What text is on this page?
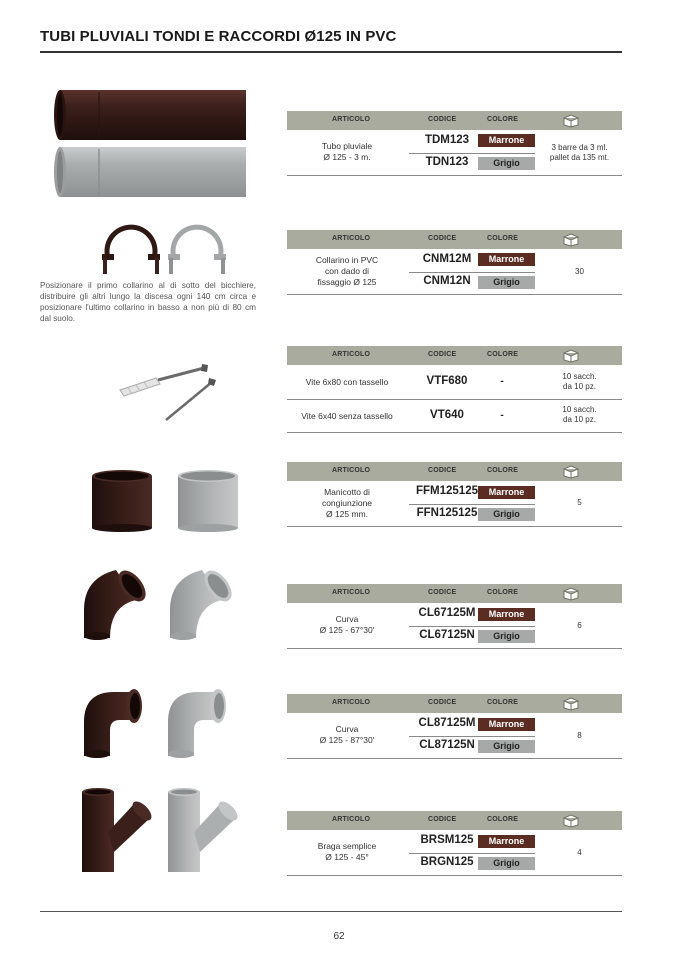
TUBI PLUVIALI TONDI E RACCORDI Ø125 IN PVC
Posizionare il primo collarino al di sotto del bicchiere, distribuire gli altri lungo la discesa ogni 140 cm circa e posizionare l'ultimo collarino in basso a non più di 80 cm dal suolo.
ARTICOLO	CODICE	COLORE
Tubo pluviale
Ø 125 - 3 m.
TDM123	Marrone
TDN123	Grigio
3 barre da 3 ml.
pallet da 135 mt.
ARTICOLO	CODICE	COLORE
Collarino in PVC
con dado di
fissaggio Ø 125
CNM12M	Marrone
CNM12N	Grigio
30
ARTICOLO	CODICE	COLORE
Vite 6x80 con tassello	VTF680	-	10 sacch.
da 10 pz.
Vite 6x40 senza tassello	VT640	-
10 sacch.
da 10 pz.
ARTICOLO	CODICE	COLORE
Manicotto di
congiunzione
Ø 125 mm.
FFM125125	Marrone
FFN125125	Grigio
5
ARTICOLO	CODICE	COLORE
Curva
Ø 125 - 67°30'
CL67125M	Marrone
CL67125N	Grigio
6
ARTICOLO	CODICE	COLORE
Curva
Ø 125 - 87°30'
CL87125M	Marrone
CL87125N	Grigio
8
ARTICOLO	CODICE	COLORE
Braga semplice
Ø 125 - 45°
BRSM125	Marrone
BRGN125	Grigio
4
62
